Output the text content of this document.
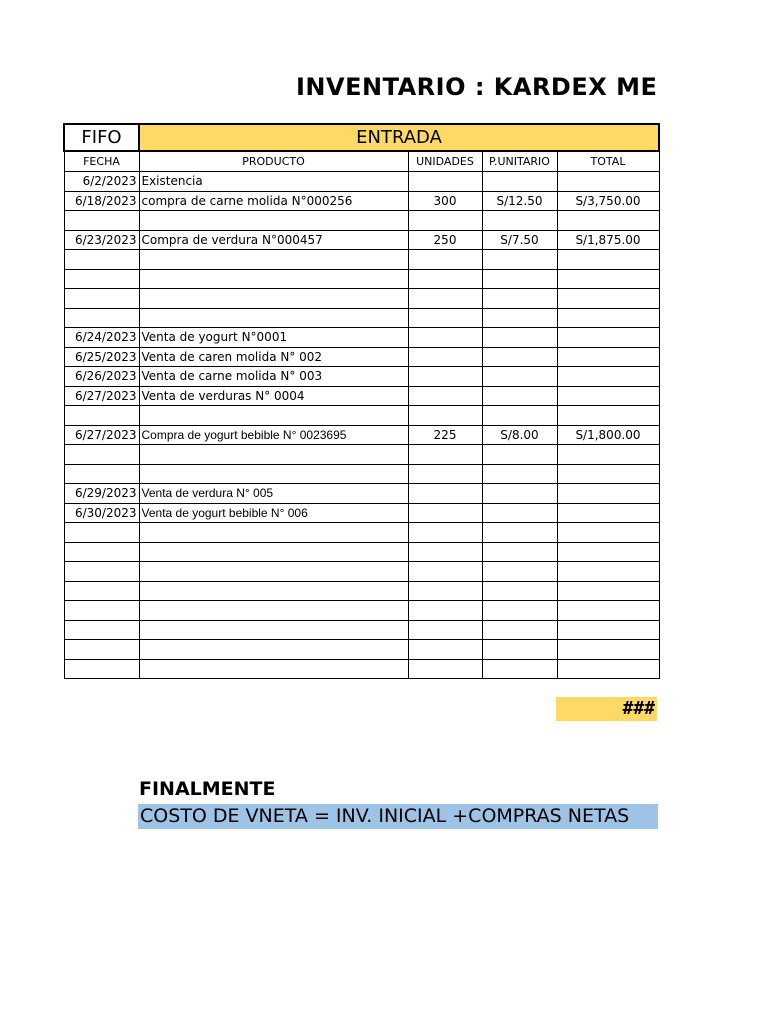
INVENTARIO : KARDEX ME
FIFO	ENTRADA			
FECHA	PRODUCTO	UNIDADES	P.UNITARIO	TOTAL
6/2/2023	Existencia			
6/18/2023	compra de carne molida N°000256	300	S/12.50	S/3,750.00

6/23/2023	Compra de verdura N°000457	250	S/7.50	S/1,875.00

6/24/2023	Venta de yogurt N°0001			
6/25/2023	Venta de caren molida N° 002			
6/26/2023	Venta de carne molida N° 003			
6/27/2023	Venta de verduras N° 0004			

6/27/2023	Compra de yogurt bebible N° 0023695	225	S/8.00	S/1,800.00

6/29/2023	Venta de verdura N° 005			
6/30/2023	Venta de yogurt bebible N° 006			

###
FINALMENTE
COSTO DE VNETA = INV. INICIAL +COMPRAS NETAS
